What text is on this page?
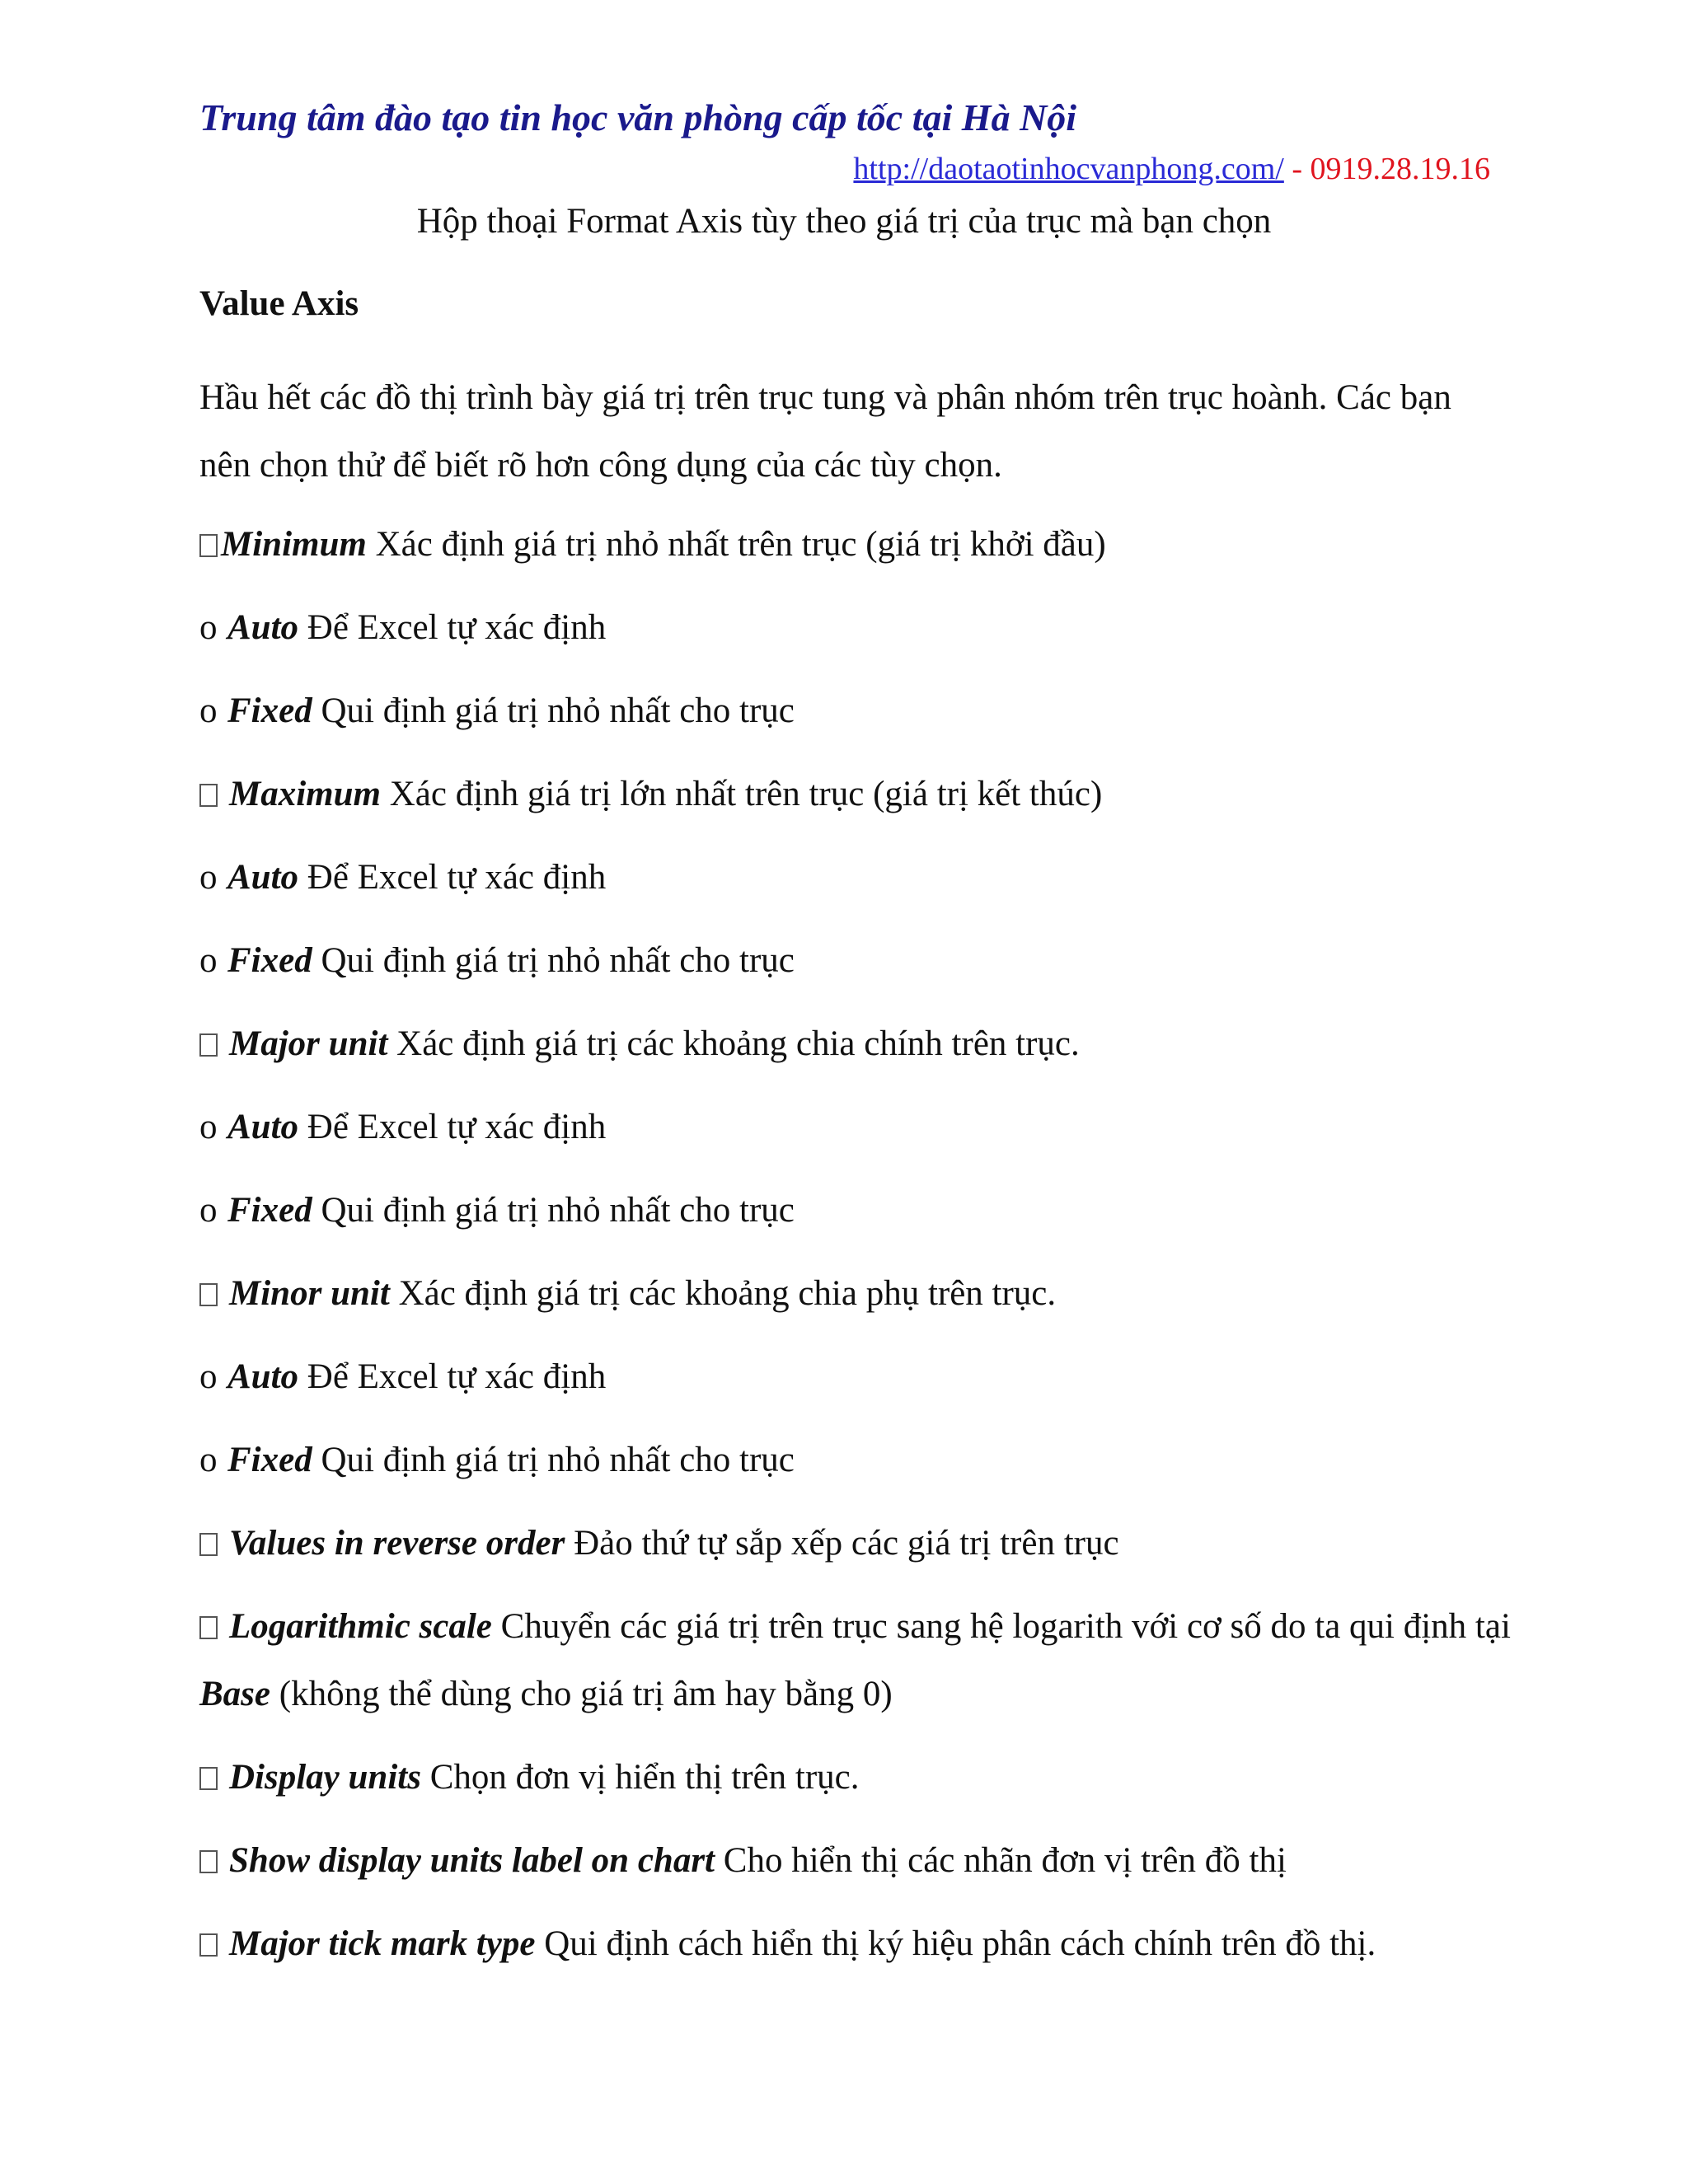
Trung tâm đào tạo tin học văn phòng cấp tốc tại Hà Nội
http://daotaotinhocvanphong.com/ - 0919.28.19.16
Hộp thoại Format Axis tùy theo giá trị của trục mà bạn chọn
Value Axis
Hầu hết các đồ thị trình bày giá trị trên trục tung và phân nhóm trên trục hoành. Các bạn nên chọn thử để biết rõ hơn công dụng của các tùy chọn.
Minimum Xác định giá trị nhỏ nhất trên trục (giá trị khởi đầu)
o Auto Để Excel tự xác định
o Fixed Qui định giá trị nhỏ nhất cho trục
Maximum Xác định giá trị lớn nhất trên trục (giá trị kết thúc)
o Auto Để Excel tự xác định
o Fixed Qui định giá trị nhỏ nhất cho trục
Major unit Xác định giá trị các khoảng chia chính trên trục.
o Auto Để Excel tự xác định
o Fixed Qui định giá trị nhỏ nhất cho trục
Minor unit Xác định giá trị các khoảng chia phụ trên trục.
o Auto Để Excel tự xác định
o Fixed Qui định giá trị nhỏ nhất cho trục
Values in reverse order Đảo thứ tự sắp xếp các giá trị trên trục
Logarithmic scale Chuyển các giá trị trên trục sang hệ logarith với cơ số do ta qui định tại Base (không thể dùng cho giá trị âm hay bằng 0)
Display units Chọn đơn vị hiển thị trên trục.
Show display units label on chart Cho hiển thị các nhãn đơn vị trên đồ thị
Major tick mark type Qui định cách hiển thị ký hiệu phân cách chính trên đồ thị.
